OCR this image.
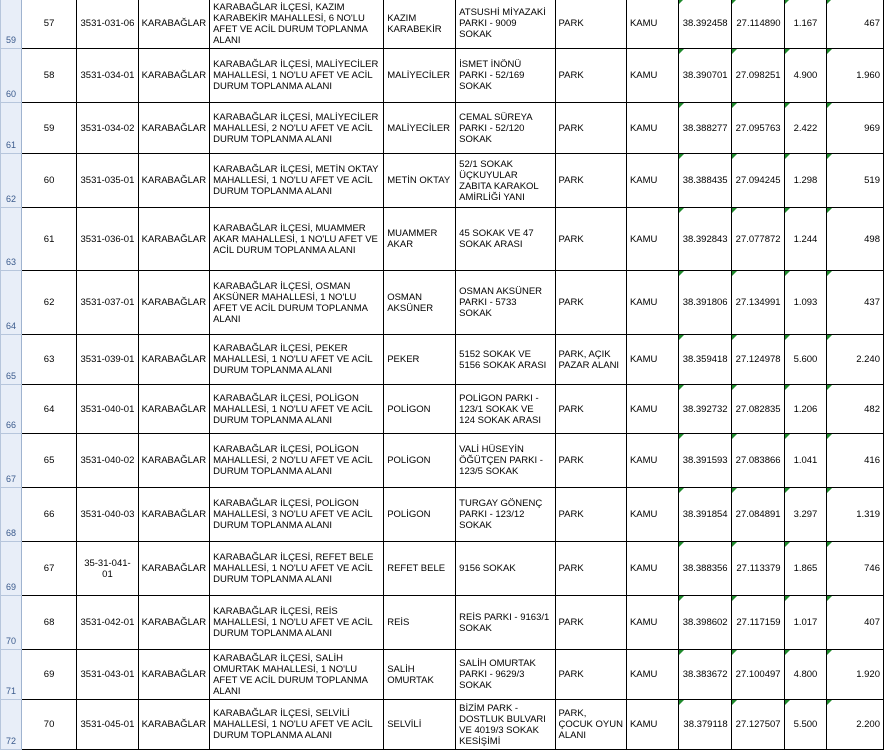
59	57	3531-031-06	KARABAĞLAR	KARABAĞLAR İLÇESİ, KAZIM KARABEKİR MAHALLESİ, 6 NO'LU AFET VE ACİL DURUM TOPLANMA ALANI	KAZIM KARABEKİR	ATSUSHİ MİYAZAKİ PARKI - 9009 SOKAK	PARK	KAMU	38.392458	27.114890	1.167	467
60	58	3531-034-01	KARABAĞLAR	KARABAĞLAR İLÇESİ, MALİYECİLER MAHALLESİ, 1 NO'LU AFET VE ACİL DURUM TOPLANMA ALANI	MALİYECİLER	İSMET İNÖNÜ PARKI - 52/169 SOKAK	PARK	KAMU	38.390701	27.098251	4.900	1.960
61	59	3531-034-02	KARABAĞLAR	KARABAĞLAR İLÇESİ, MALİYECİLER MAHALLESİ, 2 NO'LU AFET VE ACİL DURUM TOPLANMA ALANI	MALİYECİLER	CEMAL SÜREYA PARKI - 52/120 SOKAK	PARK	KAMU	38.388277	27.095763	2.422	969
62	60	3531-035-01	KARABAĞLAR	KARABAĞLAR İLÇESİ, METİN OKTAY MAHALLESİ, 1 NO'LU AFET VE ACİL DURUM TOPLANMA ALANI	METİN OKTAY	52/1 SOKAK ÜÇKUYULAR ZABITA KARAKOL AMİRLİĞİ YANI	PARK	KAMU	38.388435	27.094245	1.298	519
63	61	3531-036-01	KARABAĞLAR	KARABAĞLAR İLÇESİ, MUAMMER AKAR MAHALLESİ, 1 NO'LU AFET VE ACİL DURUM TOPLANMA ALANI	MUAMMER AKAR	45 SOKAK VE 47 SOKAK ARASI	PARK	KAMU	38.392843	27.077872	1.244	498
64	62	3531-037-01	KARABAĞLAR	KARABAĞLAR İLÇESİ, OSMAN AKSÜNER MAHALLESİ, 1 NO'LU AFET VE ACİL DURUM TOPLANMA ALANI	OSMAN AKSÜNER	OSMAN AKSÜNER PARKI - 5733 SOKAK	PARK	KAMU	38.391806	27.134991	1.093	437
65	63	3531-039-01	KARABAĞLAR	KARABAĞLAR İLÇESİ, PEKER MAHALLESİ, 1 NO'LU AFET VE ACİL DURUM TOPLANMA ALANI	PEKER	5152 SOKAK VE 5156 SOKAK ARASI	PARK, AÇIK PAZAR ALANI	KAMU	38.359418	27.124978	5.600	2.240
66	64	3531-040-01	KARABAĞLAR	KARABAĞLAR İLÇESİ, POLİGON MAHALLESİ, 1 NO'LU AFET VE ACİL DURUM TOPLANMA ALANI	POLİGON	POLİGON PARKI - 123/1 SOKAK VE 124 SOKAK ARASI	PARK	KAMU	38.392732	27.082835	1.206	482
67	65	3531-040-02	KARABAĞLAR	KARABAĞLAR İLÇESİ, POLİGON MAHALLESİ, 2 NO'LU AFET VE ACİL DURUM TOPLANMA ALANI	POLİGON	VALİ HÜSEYİN ÖĞÜTÇEN PARKI - 123/5 SOKAK	PARK	KAMU	38.391593	27.083866	1.041	416
68	66	3531-040-03	KARABAĞLAR	KARABAĞLAR İLÇESİ, POLİGON MAHALLESİ, 3 NO'LU AFET VE ACİL DURUM TOPLANMA ALANI	POLİGON	TURGAY GÖNENÇ PARKI - 123/12 SOKAK	PARK	KAMU	38.391854	27.084891	3.297	1.319
69	67	35-31-041-01	KARABAĞLAR	KARABAĞLAR İLÇESİ, REFET BELE MAHALLESİ, 1 NO'LU AFET VE ACİL DURUM TOPLANMA ALANI	REFET BELE	9156 SOKAK	PARK	KAMU	38.388356	27.113379	1.865	746
70	68	3531-042-01	KARABAĞLAR	KARABAĞLAR İLÇESİ, REİS MAHALLESİ, 1 NO'LU AFET VE ACİL DURUM TOPLANMA ALANI	REİS	REİS PARKI - 9163/1 SOKAK	PARK	KAMU	38.398602	27.117159	1.017	407
71	69	3531-043-01	KARABAĞLAR	KARABAĞLAR İLÇESİ, SALİH OMURTAK MAHALLESİ, 1 NO'LU AFET VE ACİL DURUM TOPLANMA ALANI	SALİH OMURTAK	SALİH OMURTAK PARKI - 9629/3 SOKAK	PARK	KAMU	38.383672	27.100497	4.800	1.920
72	70	3531-045-01	KARABAĞLAR	KARABAĞLAR İLÇESİ, SELVİLİ MAHALLESİ, 1 NO'LU AFET VE ACİL DURUM TOPLANMA ALANI	SELVİLİ	BİZİM PARK - DOSTLUK BULVARI VE 4019/3 SOKAK KESİŞİMİ	PARK, ÇOCUK OYUN ALANI	KAMU	38.379118	27.127507	5.500	2.200
